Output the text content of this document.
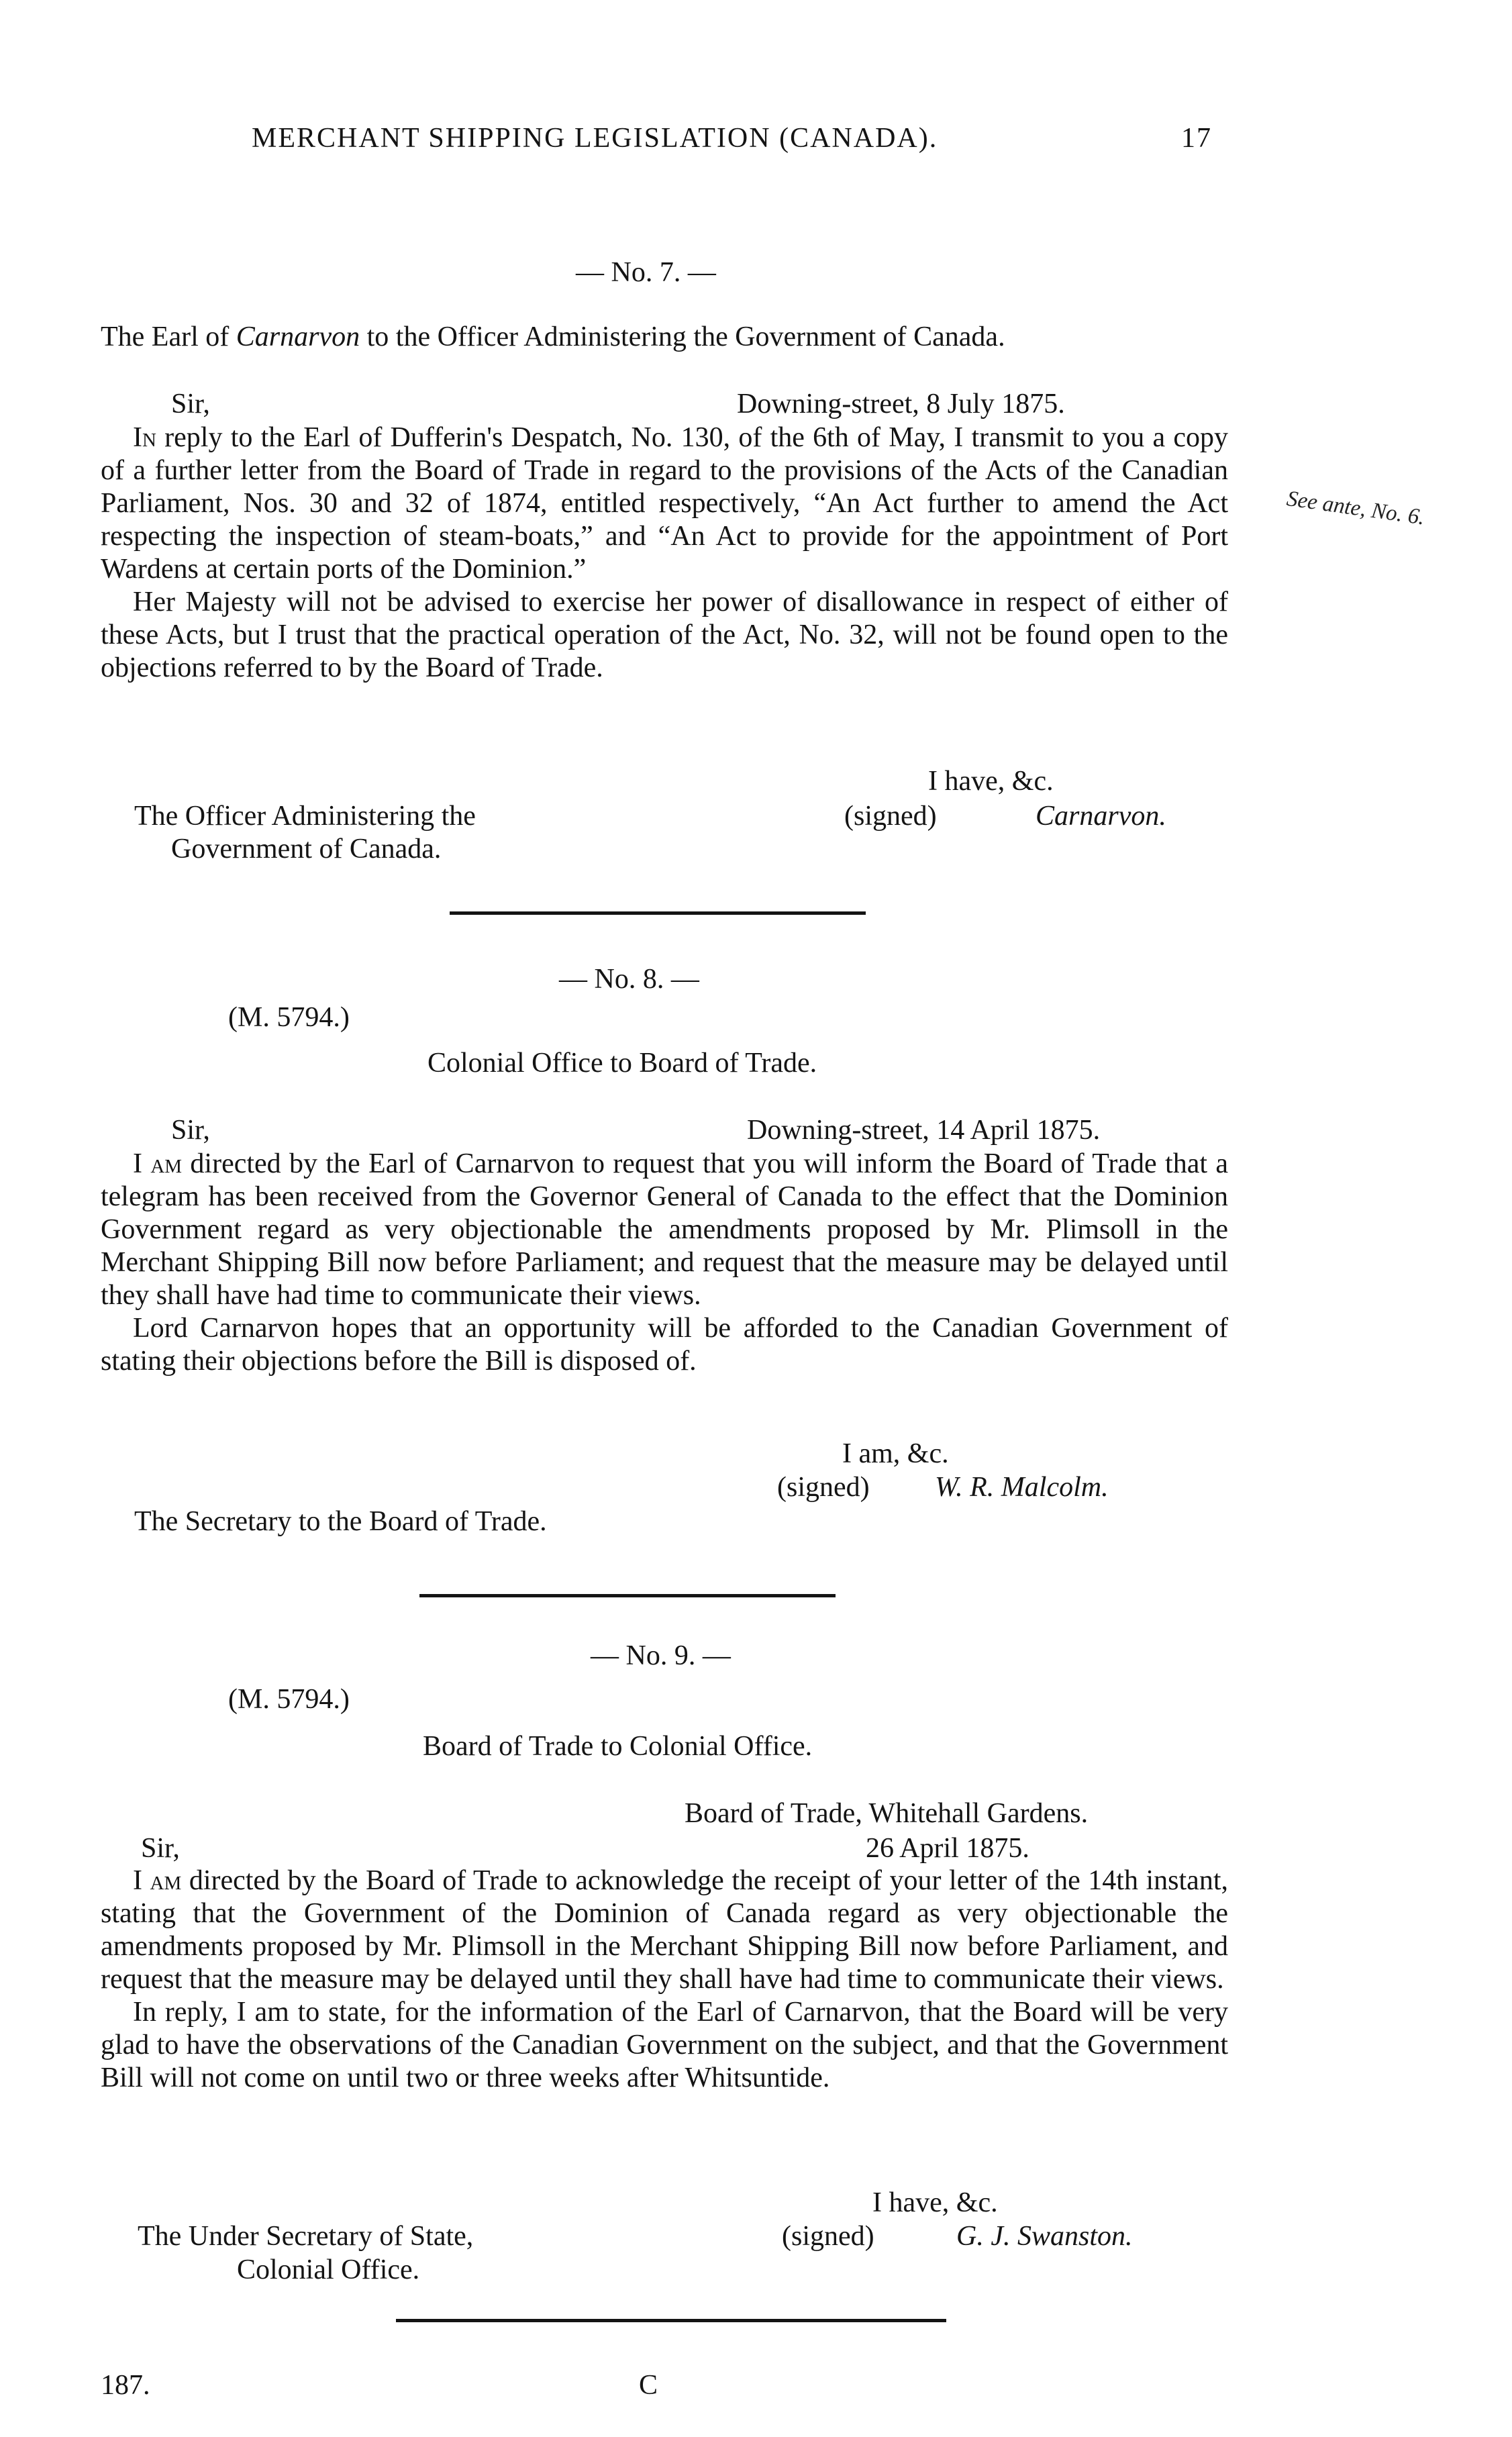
MERCHANT SHIPPING LEGISLATION (CANADA).	17
— No. 7. —
The Earl of Carnarvon to the Officer Administering the Government of Canada.
Sir,	Downing-street, 8 July 1875.

In reply to the Earl of Dufferin's Despatch, No. 130, of the 6th of May, I transmit to you a copy of a further letter from the Board of Trade in regard to the provisions of the Acts of the Canadian Parliament, Nos. 30 and 32 of 1874, entitled respectively, “An Act further to amend the Act respecting the inspection of steam-boats,” and “An Act to provide for the appointment of Port Wardens at certain ports of the Dominion.”

Her Majesty will not be advised to exercise her power of disallowance in respect of either of these Acts, but I trust that the practical operation of the Act, No. 32, will not be found open to the objections referred to by the Board of Trade.

See ante, No. 6.
I have, &c.
The Officer Administering the	(signed)	Carnarvon.
Government of Canada.
— No. 8. —
(M. 5794.)
Colonial Office to Board of Trade.
Sir,	Downing-street, 14 April 1875.

I am directed by the Earl of Carnarvon to request that you will inform the Board of Trade that a telegram has been received from the Governor General of Canada to the effect that the Dominion Government regard as very objectionable the amendments proposed by Mr. Plimsoll in the Merchant Shipping Bill now before Parliament; and request that the measure may be delayed until they shall have had time to communicate their views.

Lord Carnarvon hopes that an opportunity will be afforded to the Canadian Government of stating their objections before the Bill is disposed of.

I am, &c.
(signed) W. R. Malcolm.
The Secretary to the Board of Trade.
— No. 9. —
(M. 5794.)
Board of Trade to Colonial Office.
Board of Trade, Whitehall Gardens.
Sir,	26 April 1875.

I am directed by the Board of Trade to acknowledge the receipt of your letter of the 14th instant, stating that the Government of the Dominion of Canada regard as very objectionable the amendments proposed by Mr. Plimsoll in the Merchant Shipping Bill now before Parliament, and request that the measure may be delayed until they shall have had time to communicate their views.

In reply, I am to state, for the information of the Earl of Carnarvon, that the Board will be very glad to have the observations of the Canadian Government on the subject, and that the Government Bill will not come on until two or three weeks after Whitsuntide.

I have, &c.
The Under Secretary of State,	(signed)	G. J. Swanston.
Colonial Office.
187.	C
